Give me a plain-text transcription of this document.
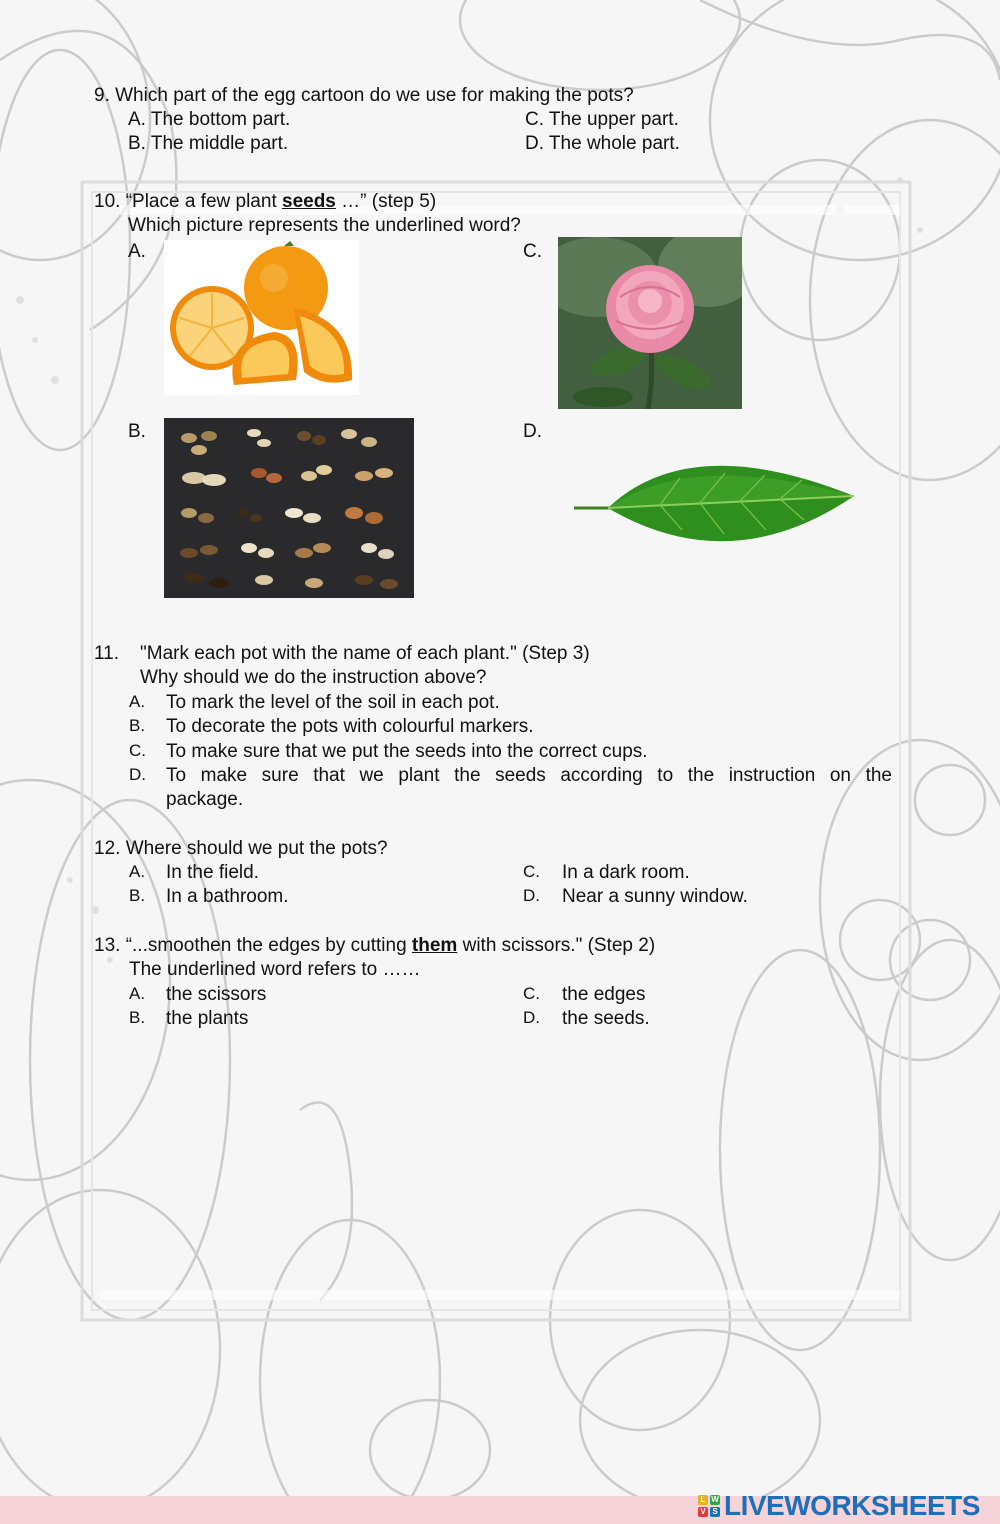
9. Which part of the egg cartoon do we use for making the pots?
A. The bottom part.	C. The upper part.
B. The middle part.	D. The whole part.
10. “Place a few plant seeds …” (step 5)
Which picture represents the underlined word?
A.	C.
B.	D.
11. "Mark each pot with the name of each plant." (Step 3)
Why should we do the instruction above?
A. To mark the level of the soil in each pot.
B. To decorate the pots with colourful markers.
C. To make sure that we put the seeds into the correct cups.
D. To make sure that we plant the seeds according to the instruction on the
package.
12. Where should we put the pots?
A. In the field.	C. In a dark room.
B. In a bathroom.	D. Near a sunny window.
13. “...smoothen the edges by cutting them with scissors." (Step 2)
The underlined word refers to ……
A. the scissors	C. the edges
B. the plants	D. the seeds.
L W
V S LIVEWORKSHEETS
